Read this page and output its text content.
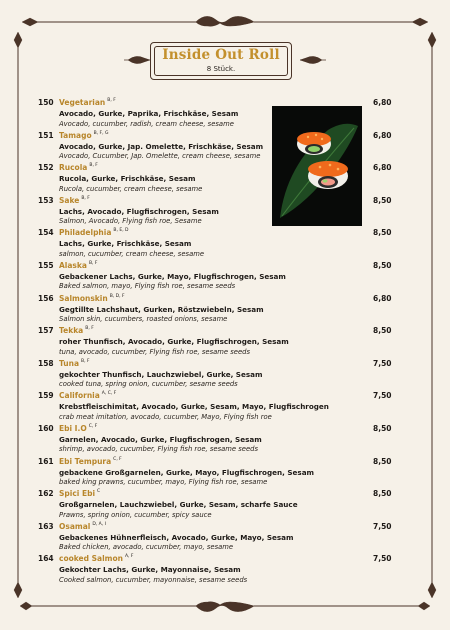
Inside Out Roll
8 Stück.
150 Vegetarian $^{B, F}$
Avocado, Gurke, Paprika, Frischkäse, Sesam
Avocado, cucumber, radish, cream cheese, sesame
6,80
151 Tamago $^{B, F, G}$
Avocado, Gurke, Jap. Omelette, Frischkäse, Sesam
Avocado, Cucumber, Jap. Omelette, cream cheese, sesame
6,80
152 Rucola $^{B, F}$
Rucola, Gurke, Frischkäse, Sesam
Rucola, cucumber, cream cheese, sesame
6,80
153 Sake $^{B, F}$
Lachs, Avocado, Flugfischrogen, Sesam
Salmon, Avocado, Flying fish roe, Sesame
8,50
154 Philadelphia $^{B, E, D}$
Lachs, Gurke, Frischkäse, Sesam
salmon, cucumber, cream cheese, sesame
8,50
155 Alaska $^{B, F}$
Gebackener Lachs, Gurke, Mayo, Flugfischrogen, Sesam
Baked salmon, mayo, Flying fish roe, sesame seeds
8,50
156 Salmonskin $^{B, D, F}$
Gegtillte Lachshaut, Gurken, Röstzwiebeln, Sesam
Salmon skin, cucumbers, roasted onions, sesame
6,80
157 Tekka $^{B, F}$
roher Thunfisch, Avocado, Gurke, Flugfischrogen, Sesam
tuna, avocado, cucumber, Flying fish roe, sesame seeds
8,50
158 Tuna $^{B, F}$
gekochter Thunfisch, Lauchzwiebel, Gurke, Sesam
cooked tuna, spring onion, cucumber, sesame seeds
7,50
159 California $^{A, C, F}$
Krebstfleischimitat, Avocado, Gurke, Sesam, Mayo, Flugfischrogen
crab meat imitation, avocado, cucumber, Mayo, Flying fish roe
7,50
160 Ebi I.O $^{C, F}$
Garnelen, Avocado, Gurke, Flugfischrogen, Sesam
shrimp, avocado, cucumber, Flying fish roe, sesame seeds
8,50
161 Ebi Tempura $^{C, F}$
gebackene Großgarnelen, Gurke, Mayo, Flugfischrogen, Sesam
baked king prawns, cucumber, mayo, Flying fish roe, sesame
8,50
162 Spici Ebi $^C$
Großgarnelen, Lauchzwiebel, Gurke, Sesam, scharfe Sauce
Prawns, spring onion, cucumber, spicy sauce
8,50
163 Osamal $^{D, A, I}$
Gebackenes Hühnerfleisch, Avocado, Gurke, Mayo, Sesam
Baked chicken, avocado, cucumber, mayo, sesame
7,50
164 cooked Salmon $^{A, F}$
Gekochter Lachs, Gurke, Mayonnaise, Sesam
Cooked salmon, cucumber, mayonnaise, sesame seeds
7,50
